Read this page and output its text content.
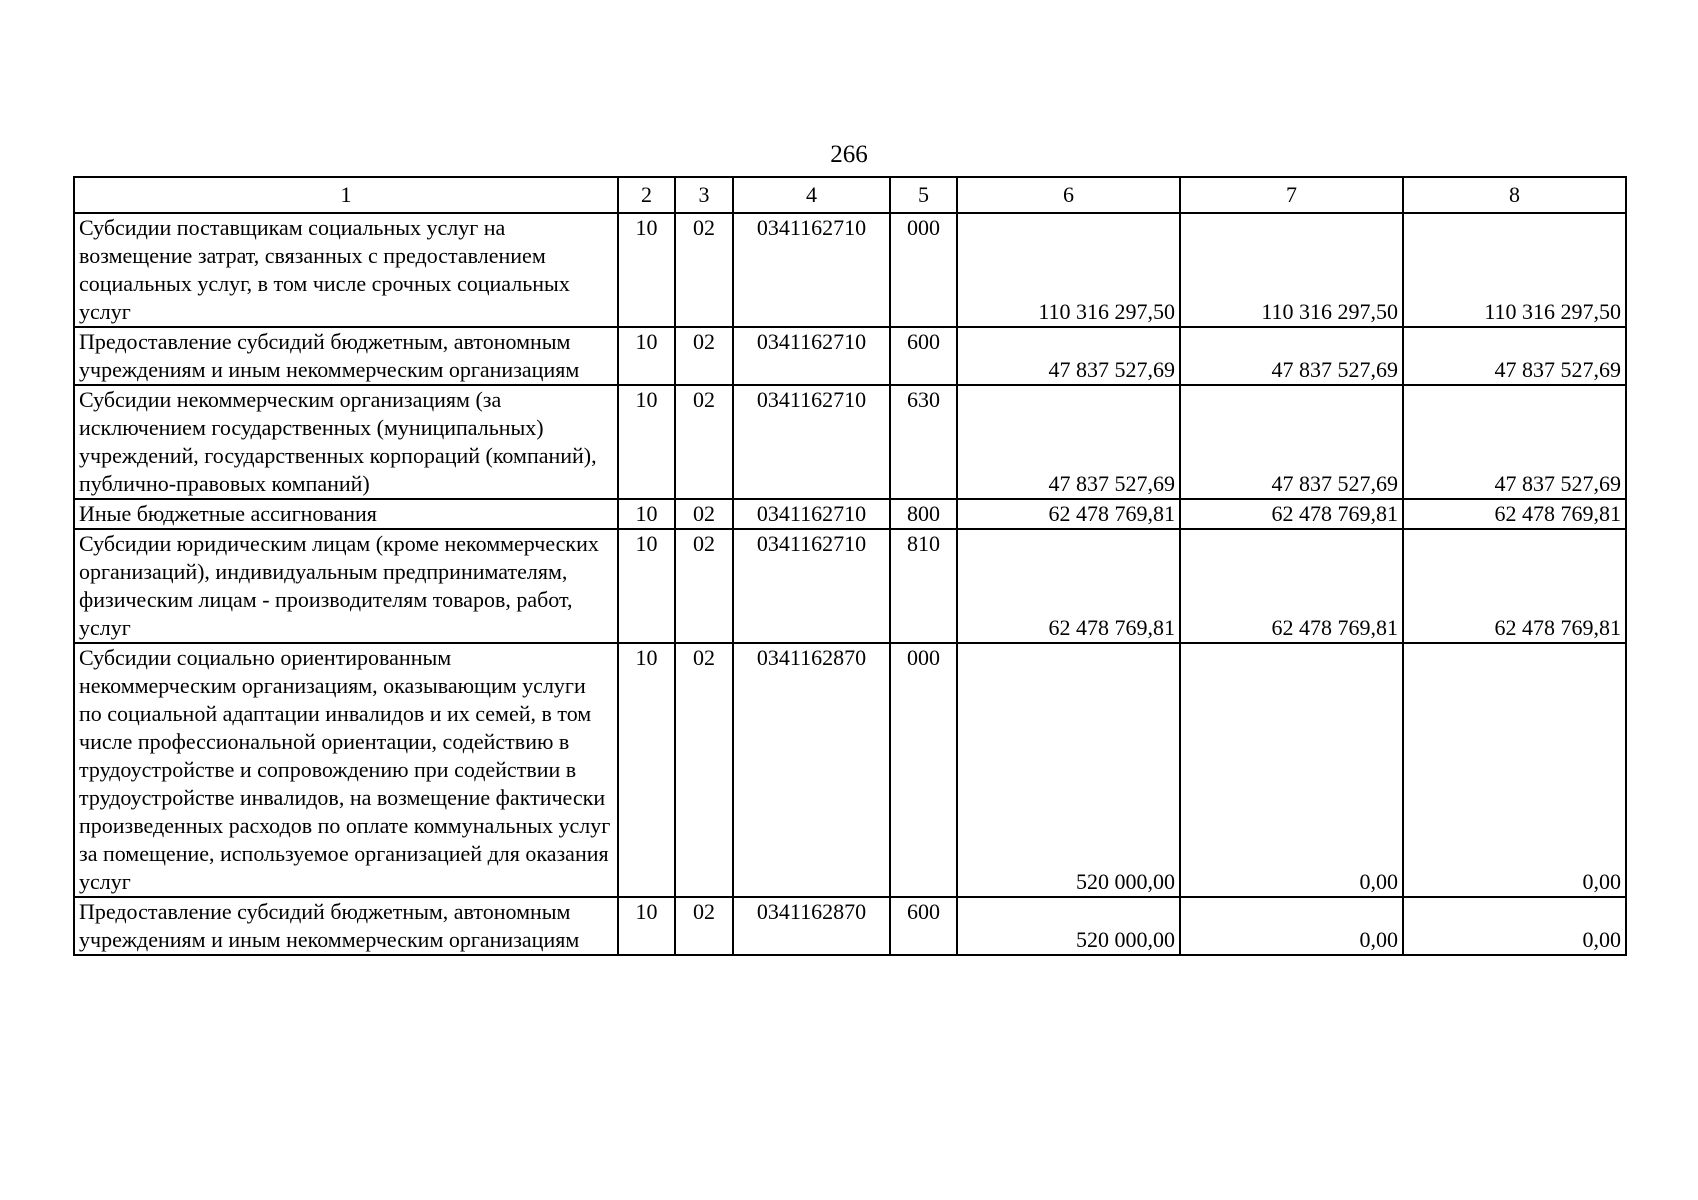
266
1	2	3	4	5	6	7	8
Субсидии поставщикам социальных услуг на возмещение затрат, связанных с предоставлением социальных услуг, в том числе срочных социальных услуг	10	02	0341162710	000	110 316 297,50	110 316 297,50	110 316 297,50
Предоставление субсидий бюджетным, автономным учреждениям и иным некоммерческим организациям	10	02	0341162710	600	47 837 527,69	47 837 527,69	47 837 527,69
Субсидии некоммерческим организациям (за исключением государственных (муниципальных) учреждений, государственных корпораций (компаний), публично-правовых компаний)	10	02	0341162710	630	47 837 527,69	47 837 527,69	47 837 527,69
Иные бюджетные ассигнования	10	02	0341162710	800	62 478 769,81	62 478 769,81	62 478 769,81
Субсидии юридическим лицам (кроме некоммерческих организаций), индивидуальным предпринимателям, физическим лицам - производителям товаров, работ, услуг	10	02	0341162710	810	62 478 769,81	62 478 769,81	62 478 769,81
Субсидии социально ориентированным некоммерческим организациям, оказывающим услуги по социальной адаптации инвалидов и их семей, в том числе профессиональной ориентации, содействию в трудоустройстве и сопровождению при содействии в трудоустройстве инвалидов, на возмещение фактически произведенных расходов по оплате коммунальных услуг за помещение, используемое организацией для оказания услуг	10	02	0341162870	000	520 000,00	0,00	0,00
Предоставление субсидий бюджетным, автономным учреждениям и иным некоммерческим организациям	10	02	0341162870	600	520 000,00	0,00	0,00
